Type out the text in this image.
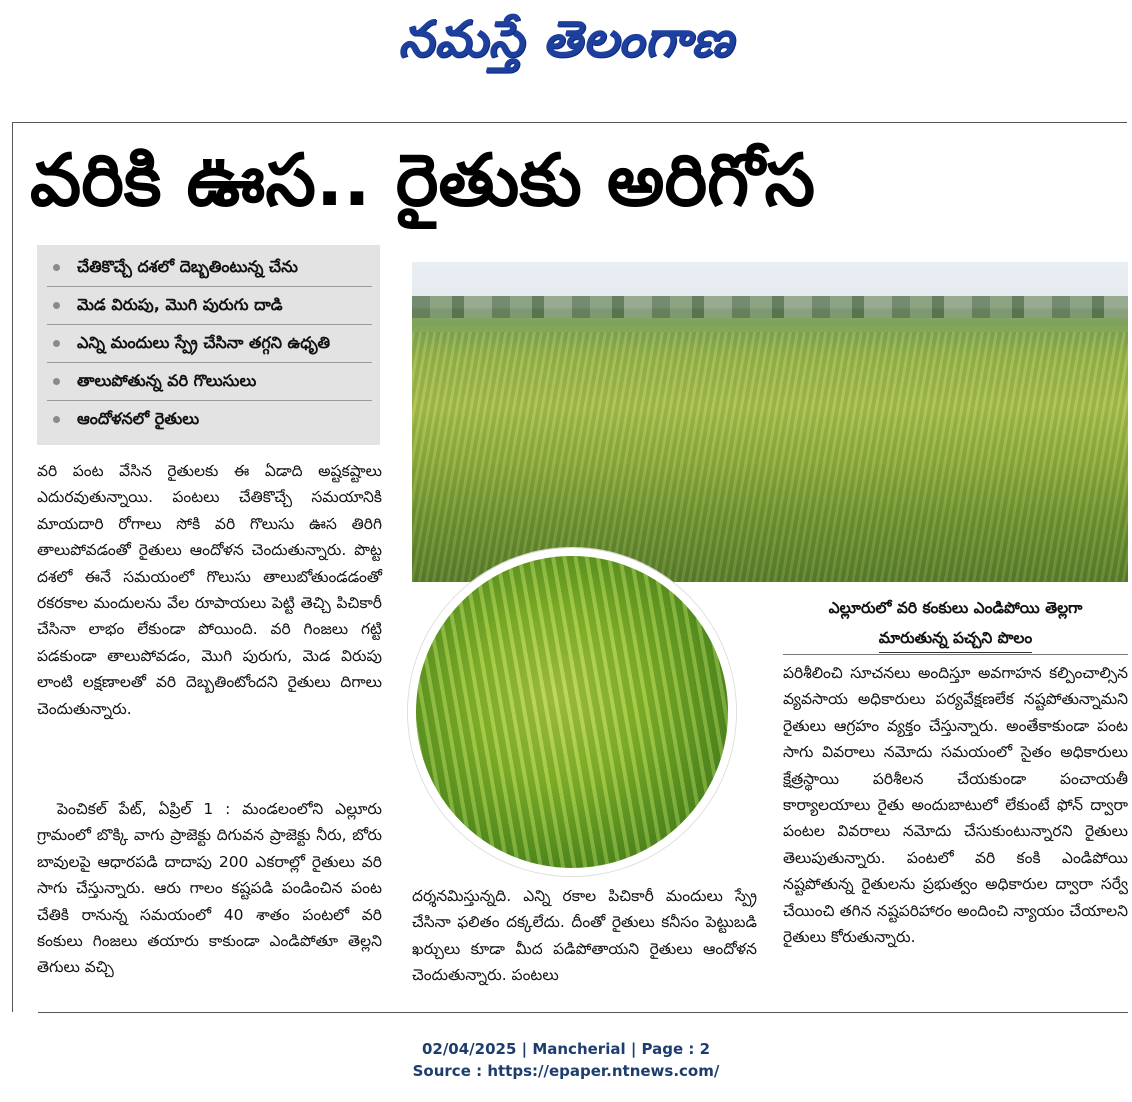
నమస్తే తెలంగాణ
వరికి ఊస.. రైతుకు అరిగోస
చేతికొచ్చే దశలో దెబ్బతింటున్న చేను
మెడ విరుపు, మొగి పురుగు దాడి
ఎన్ని మందులు స్ప్రే చేసినా తగ్గని ఉధృతి
తాలుపోతున్న వరి గొలుసులు
ఆందోళనలో రైతులు

వరి పంట వేసిన రైతులకు ఈ ఏడాది అష్టకష్టాలు ఎదురవుతున్నాయి. పంటలు చేతికొచ్చే సమయానికి మాయదారి రోగాలు సోకి వరి గొలుసు ఊస తిరిగి తాలుపోవడంతో రైతులు ఆందోళన చెందుతున్నారు. పొట్ట దశలో ఈనే సమయంలో గొలుసు తాలుబోతుండడంతో రకరకాల మందులను వేల రూపాయలు పెట్టి తెచ్చి పిచికారీ చేసినా లాభం లేకుండా పోయింది. వరి గింజలు గట్టి పడకుండా తాలుపోవడం, మొగి పురుగు, మెడ విరుపు లాంటి లక్షణాలతో వరి దెబ్బతింటోందని రైతులు దిగాలు చెందుతున్నారు.

పెంచికల్ పేట్, ఏప్రిల్ 1 : మండలంలోని ఎల్లూరు గ్రామంలో బొక్కి వాగు ప్రాజెక్టు దిగువన ప్రాజెక్టు నీరు, బోరు బావులపై ఆధారపడి దాదాపు 200 ఎకరాల్లో రైతులు వరి సాగు చేస్తున్నారు. ఆరు గాలం కష్టపడి పండించిన పంట చేతికి రానున్న సమయంలో 40 శాతం పంటలో వరి కంకులు గింజలు తయారు కాకుండా ఎండిపోతూ తెల్లని తెగులు వచ్చి

దర్శనమిస్తున్నది. ఎన్ని రకాల పిచికారీ మందులు స్ప్రే చేసినా ఫలితం దక్కలేదు. దీంతో రైతులు కనీసం పెట్టుబడి ఖర్చులు కూడా మీద పడిపోతాయని రైతులు ఆందోళన చెందుతున్నారు. పంటలు

ఎల్లూరులో వరి కంకులు ఎండిపోయి తెల్లగా
మారుతున్న పచ్చని పొలం

పరిశీలించి సూచనలు అందిస్తూ అవగాహన కల్పించాల్సిన వ్యవసాయ అధికారులు పర్యవేక్షణలేక నష్టపోతున్నామని రైతులు ఆగ్రహం వ్యక్తం చేస్తున్నారు. అంతేకాకుండా పంట సాగు వివరాలు నమోదు సమయంలో సైతం అధికారులు క్షేత్రస్థాయి పరిశీలన చేయకుండా పంచాయతీ కార్యాలయాలు రైతు అందుబాటులో లేకుంటే ఫోన్ ద్వారా పంటల వివరాలు నమోదు చేసుకుంటున్నారని రైతులు తెలుపుతున్నారు. పంటలో వరి కంకి ఎండిపోయి నష్టపోతున్న రైతులను ప్రభుత్వం అధికారుల ద్వారా సర్వే చేయించి తగిన నష్టపరిహారం అందించి న్యాయం చేయాలని రైతులు కోరుతున్నారు.

02/04/2025 | Mancherial | Page : 2
Source : https://epaper.ntnews.com/
